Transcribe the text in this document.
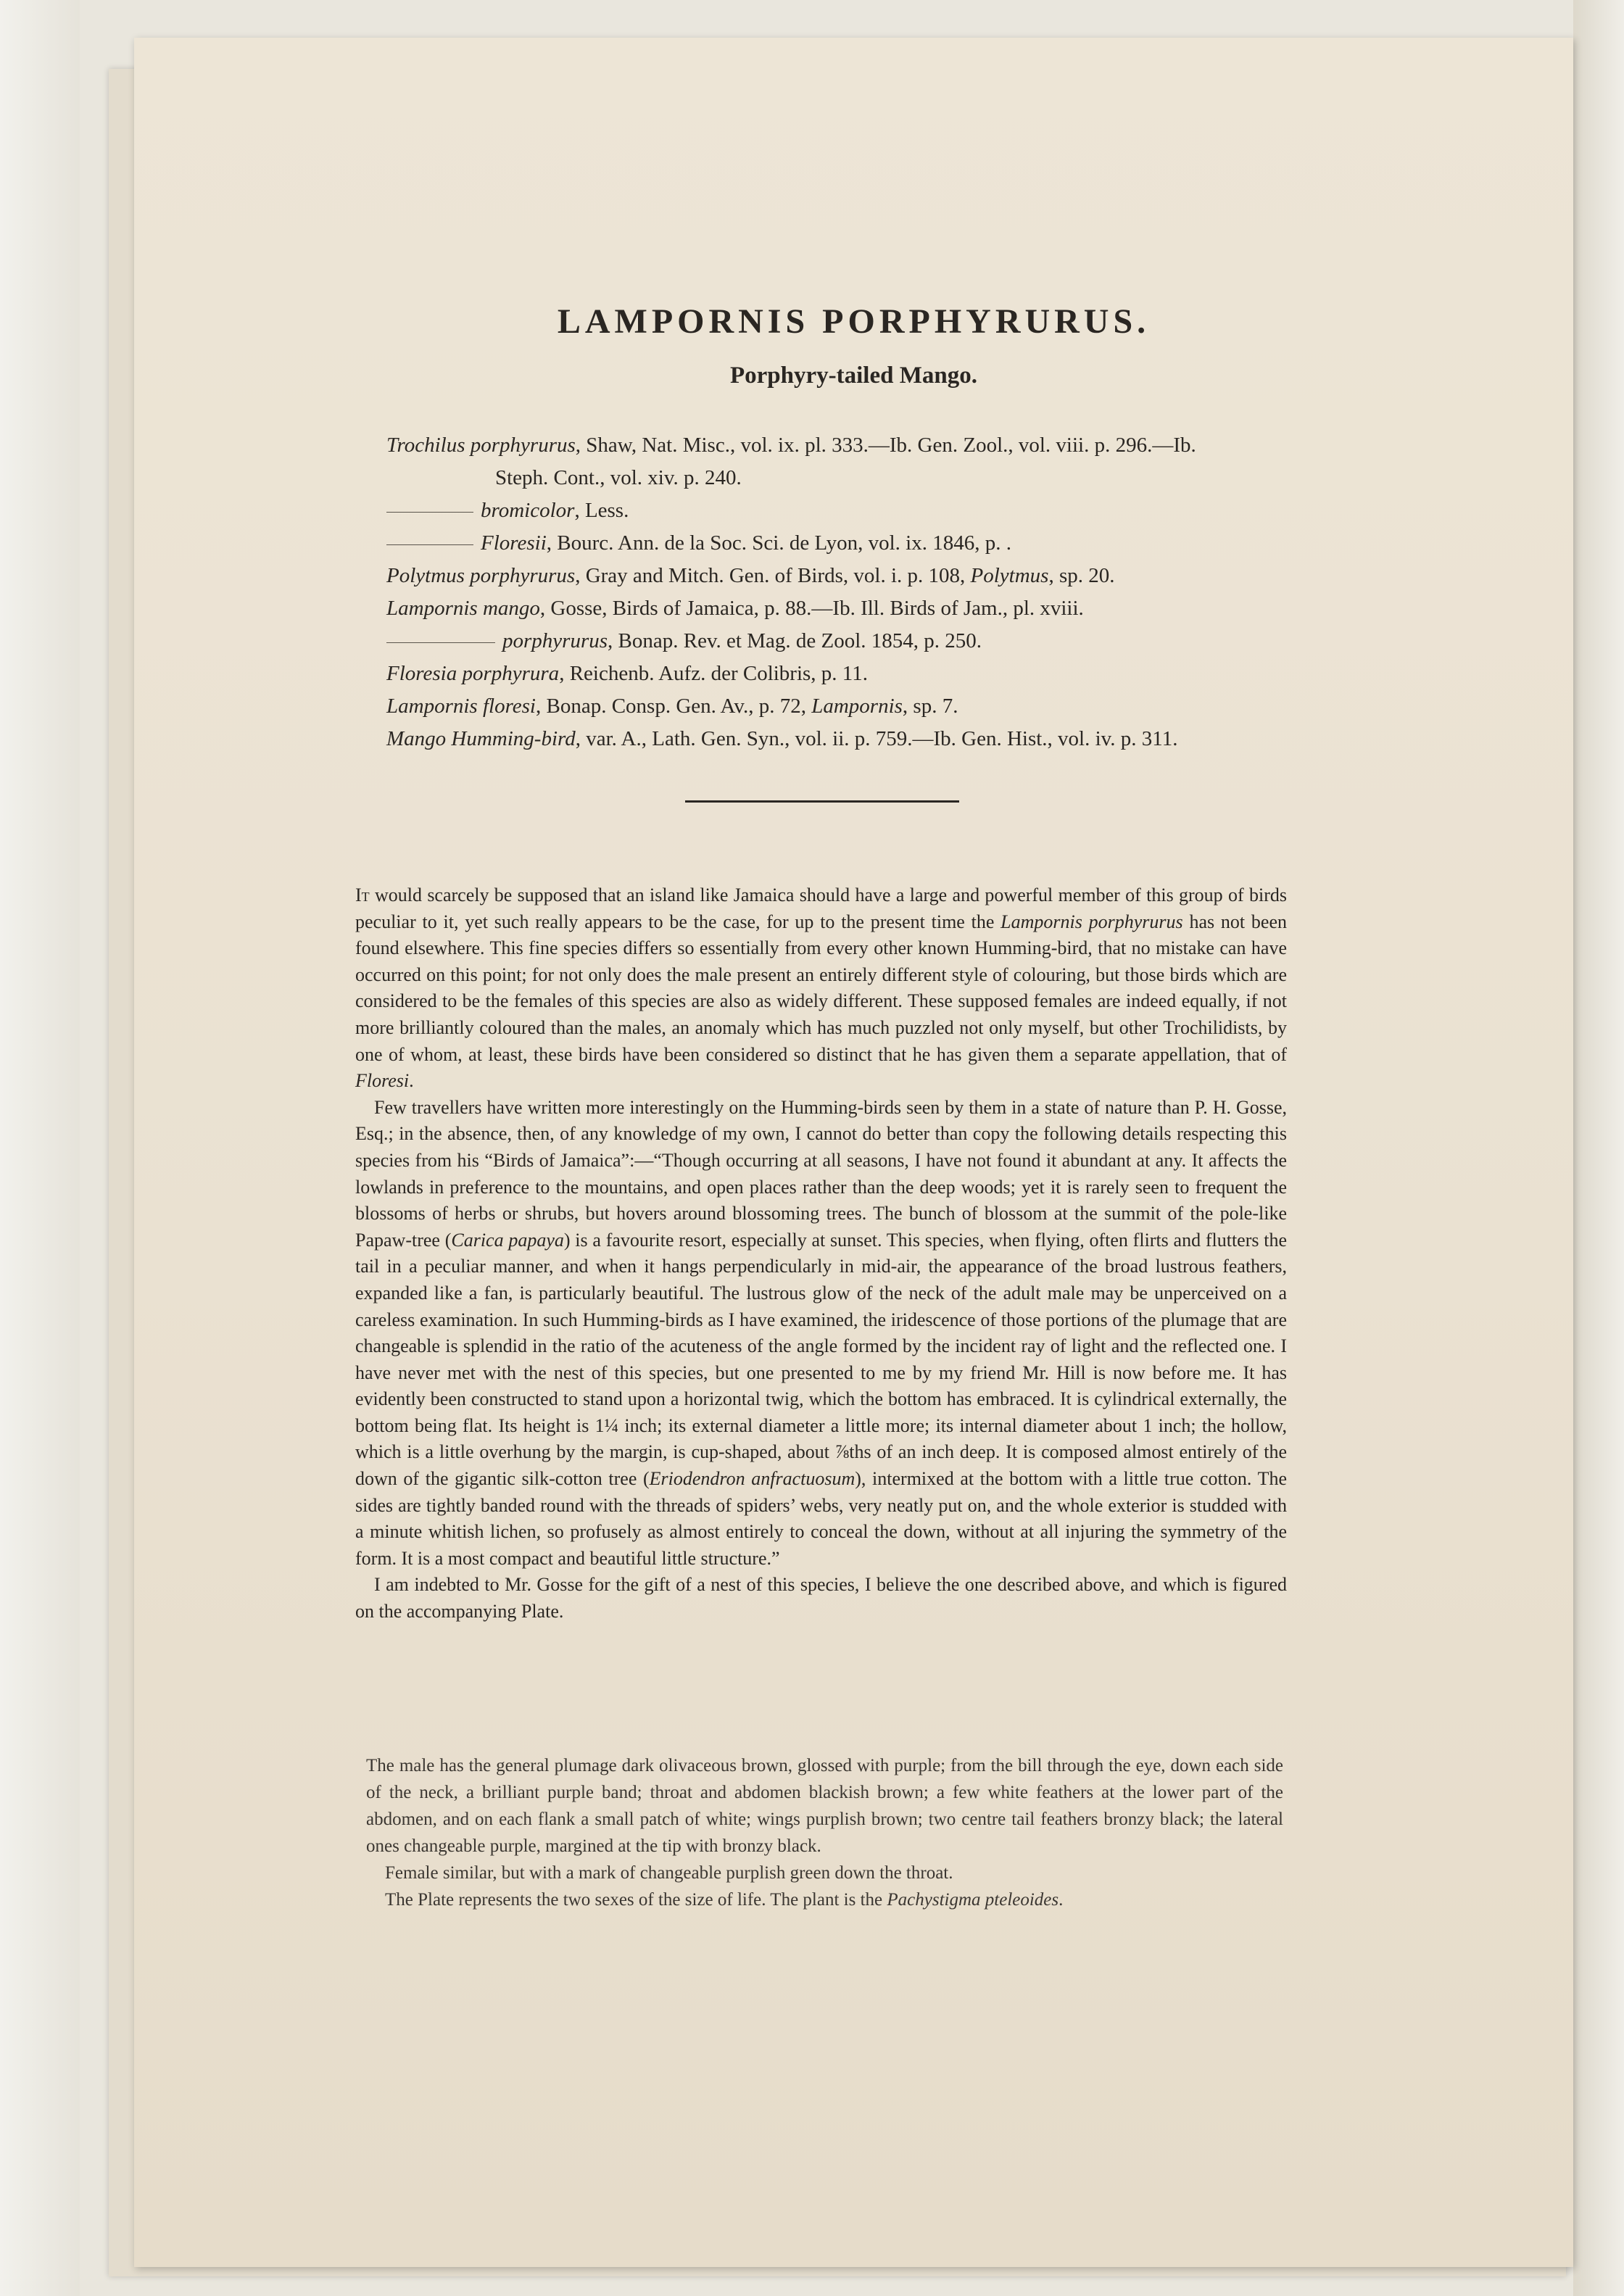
LAMPORNIS PORPHYRURUS.
Porphyry-tailed Mango.
Trochilus porphyrurus, Shaw, Nat. Misc., vol. ix. pl. 333.—Ib. Gen. Zool., vol. viii. p. 296.—Ib.
Steph. Cont., vol. xiv. p. 240.
bromicolor, Less.
Floresii, Bourc. Ann. de la Soc. Sci. de Lyon, vol. ix. 1846, p. .
Polytmus porphyrurus, Gray and Mitch. Gen. of Birds, vol. i. p. 108, Polytmus, sp. 20.
Lampornis mango, Gosse, Birds of Jamaica, p. 88.—Ib. Ill. Birds of Jam., pl. xviii.
porphyrurus, Bonap. Rev. et Mag. de Zool. 1854, p. 250.
Floresia porphyrura, Reichenb. Aufz. der Colibris, p. 11.
Lampornis floresi, Bonap. Consp. Gen. Av., p. 72, Lampornis, sp. 7.
Mango Humming-bird, var. A., Lath. Gen. Syn., vol. ii. p. 759.—Ib. Gen. Hist., vol. iv. p. 311.

It would scarcely be supposed that an island like Jamaica should have a large and powerful member of this group of birds peculiar to it, yet such really appears to be the case, for up to the present time the Lampornis porphyrurus has not been found elsewhere. This fine species differs so essentially from every other known Humming-bird, that no mistake can have occurred on this point; for not only does the male present an entirely different style of colouring, but those birds which are considered to be the females of this species are also as widely different. These supposed females are indeed equally, if not more brilliantly coloured than the males, an anomaly which has much puzzled not only myself, but other Trochilidists, by one of whom, at least, these birds have been considered so distinct that he has given them a separate appellation, that of Floresi.

Few travellers have written more interestingly on the Humming-birds seen by them in a state of nature than P. H. Gosse, Esq.; in the absence, then, of any knowledge of my own, I cannot do better than copy the following details respecting this species from his “Birds of Jamaica”:—“Though occurring at all seasons, I have not found it abundant at any. It affects the lowlands in preference to the mountains, and open places rather than the deep woods; yet it is rarely seen to frequent the blossoms of herbs or shrubs, but hovers around blossoming trees. The bunch of blossom at the summit of the pole-like Papaw-tree (Carica papaya) is a favourite resort, especially at sunset. This species, when flying, often flirts and flutters the tail in a peculiar manner, and when it hangs perpendicularly in mid-air, the appearance of the broad lustrous feathers, expanded like a fan, is particularly beautiful. The lustrous glow of the neck of the adult male may be unperceived on a careless examination. In such Humming-birds as I have examined, the iridescence of those portions of the plumage that are changeable is splendid in the ratio of the acuteness of the angle formed by the incident ray of light and the reflected one. I have never met with the nest of this species, but one presented to me by my friend Mr. Hill is now before me. It has evidently been constructed to stand upon a horizontal twig, which the bottom has embraced. It is cylindrical externally, the bottom being flat. Its height is 1¼ inch; its external diameter a little more; its internal diameter about 1 inch; the hollow, which is a little overhung by the margin, is cup-shaped, about ⅞ths of an inch deep. It is composed almost entirely of the down of the gigantic silk-cotton tree (Eriodendron anfractuosum), intermixed at the bottom with a little true cotton. The sides are tightly banded round with the threads of spiders’ webs, very neatly put on, and the whole exterior is studded with a minute whitish lichen, so profusely as almost entirely to conceal the down, without at all injuring the symmetry of the form. It is a most compact and beautiful little structure.”

I am indebted to Mr. Gosse for the gift of a nest of this species, I believe the one described above, and which is figured on the accompanying Plate.

The male has the general plumage dark olivaceous brown, glossed with purple; from the bill through the eye, down each side of the neck, a brilliant purple band; throat and abdomen blackish brown; a few white feathers at the lower part of the abdomen, and on each flank a small patch of white; wings purplish brown; two centre tail feathers bronzy black; the lateral ones changeable purple, margined at the tip with bronzy black.

Female similar, but with a mark of changeable purplish green down the throat.

The Plate represents the two sexes of the size of life. The plant is the Pachystigma pteleoides.
